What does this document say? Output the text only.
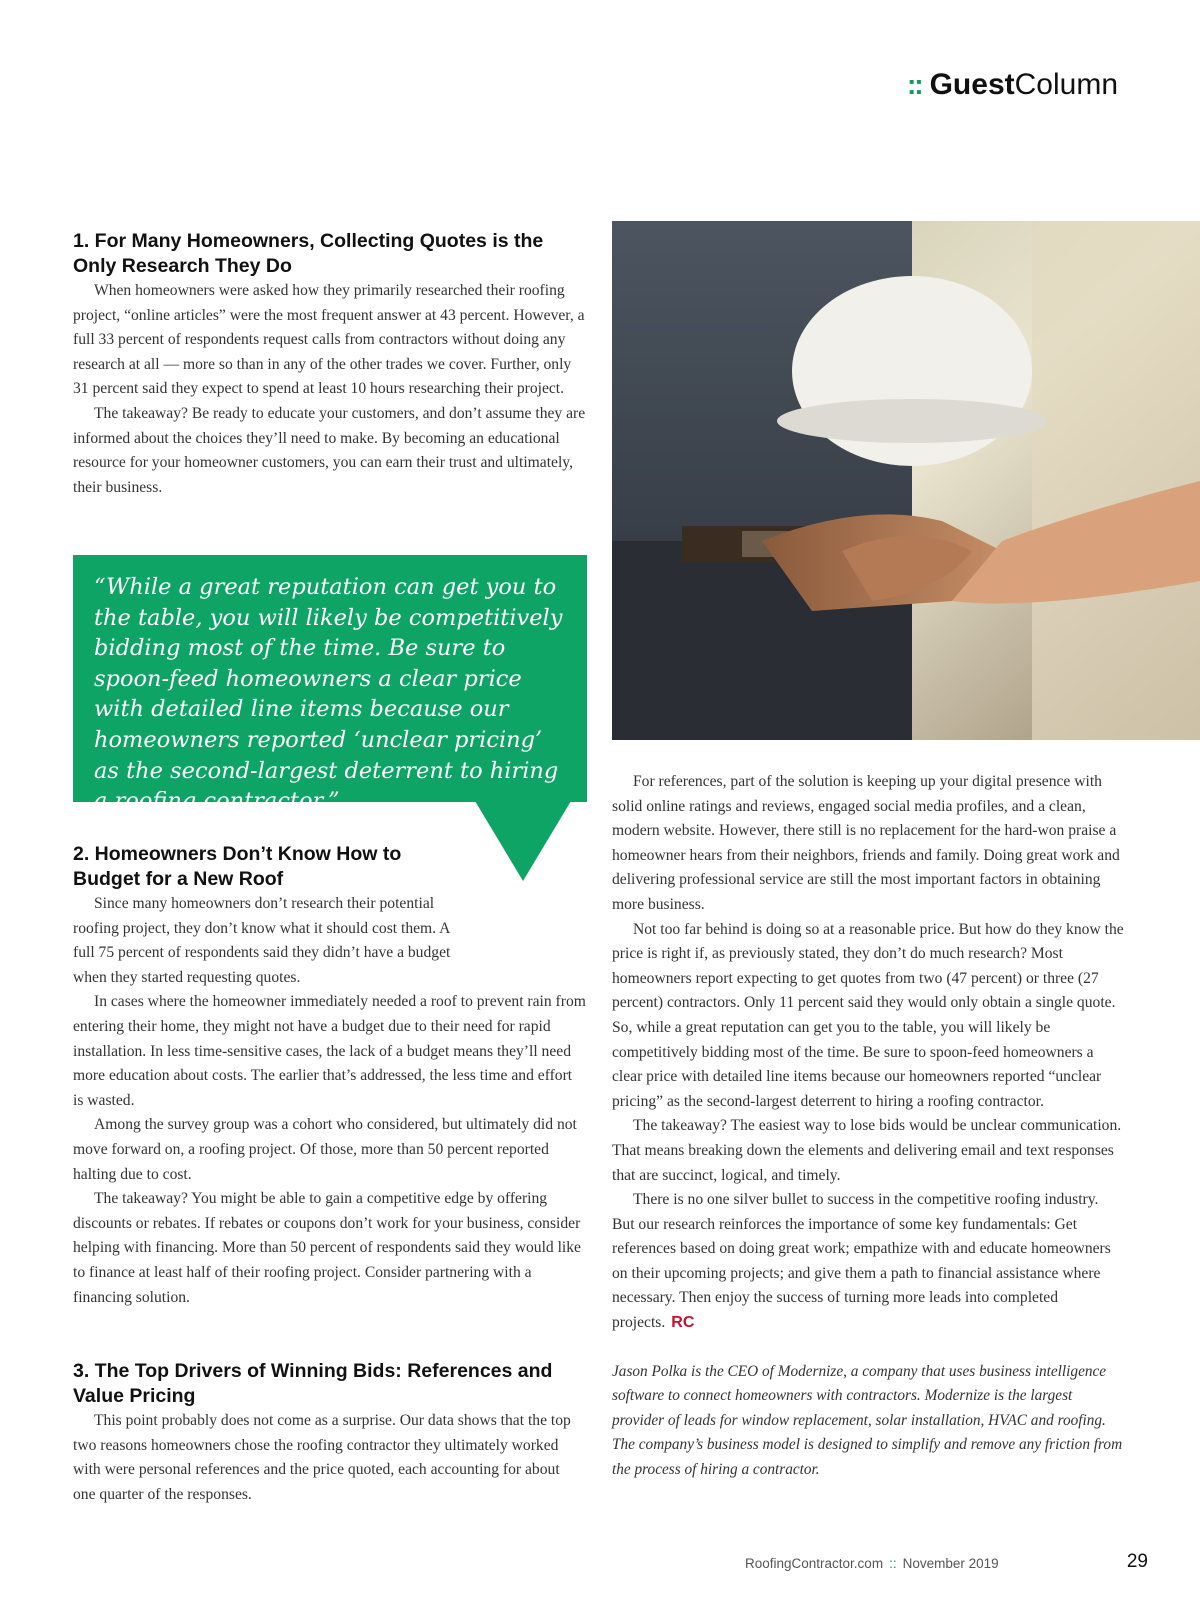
:: GuestColumn
1. For Many Homeowners, Collecting Quotes is the Only Research They Do

When homeowners were asked how they primarily researched their roofing project, “online articles” were the most frequent answer at 43 percent. However, a full 33 percent of respondents request calls from contractors without doing any research at all — more so than in any of the other trades we cover. Further, only 31 percent said they expect to spend at least 10 hours researching their project.

The takeaway? Be ready to educate your customers, and don’t assume they are informed about the choices they’ll need to make. By becoming an educational resource for your homeowner customers, you can earn their trust and ultimately, their business.

“While a great reputation can get you to the table, you will likely be competitively bidding most of the time. Be sure to spoon-feed homeowners a clear price with detailed line items because our homeowners reported ‘unclear pricing’ as the second-largest deterrent to hiring a roofing contractor.”
2. Homeowners Don’t Know How to
Budget for a New Roof

Since many homeowners don’t research their potential roofing project, they don’t know what it should cost them. A full 75 percent of respondents said they didn’t have a budget when they started requesting quotes.

In cases where the homeowner immediately needed a roof to prevent rain from entering their home, they might not have a budget due to their need for rapid installation. In less time-sensitive cases, the lack of a budget means they’ll need more education about costs. The earlier that’s addressed, the less time and effort is wasted.

Among the survey group was a cohort who considered, but ultimately did not move forward on, a roofing project. Of those, more than 50 percent reported halting due to cost.

The takeaway? You might be able to gain a competitive edge by offering discounts or rebates. If rebates or coupons don’t work for your business, consider helping with financing. More than 50 percent of respondents said they would like to finance at least half of their roofing project. Consider partnering with a financing solution.

3. The Top Drivers of Winning Bids: References and Value Pricing

This point probably does not come as a surprise. Our data shows that the top two reasons homeowners chose the roofing contractor they ultimately worked with were personal references and the price quoted, each accounting for about one quarter of the responses.

For references, part of the solution is keeping up your digital presence with solid online ratings and reviews, engaged social media profiles, and a clean, modern website. However, there still is no replacement for the hard-won praise a homeowner hears from their neighbors, friends and family. Doing great work and delivering professional service are still the most important factors in obtaining more business.

Not too far behind is doing so at a reasonable price. But how do they know the price is right if, as previously stated, they don’t do much research? Most homeowners report expecting to get quotes from two (47 percent) or three (27 percent) contractors. Only 11 percent said they would only obtain a single quote. So, while a great reputation can get you to the table, you will likely be competitively bidding most of the time. Be sure to spoon-feed homeowners a clear price with detailed line items because our homeowners reported “unclear pricing” as the second-largest deterrent to hiring a roofing contractor.

The takeaway? The easiest way to lose bids would be unclear communication. That means breaking down the elements and delivering email and text responses that are succinct, logical, and timely.

There is no one silver bullet to success in the competitive roofing industry. But our research reinforces the importance of some key fundamentals: Get references based on doing great work; empathize with and educate homeowners on their upcoming projects; and give them a path to financial assistance where necessary. Then enjoy the success of turning more leads into completed projects. RC

Jason Polka is the CEO of Modernize, a company that uses business intelligence software to connect homeowners with contractors. Modernize is the largest provider of leads for window replacement, solar installation, HVAC and roofing. The company’s business model is designed to simplify and remove any friction from the process of hiring a contractor.

RoofingContractor.com :: November 2019	29
